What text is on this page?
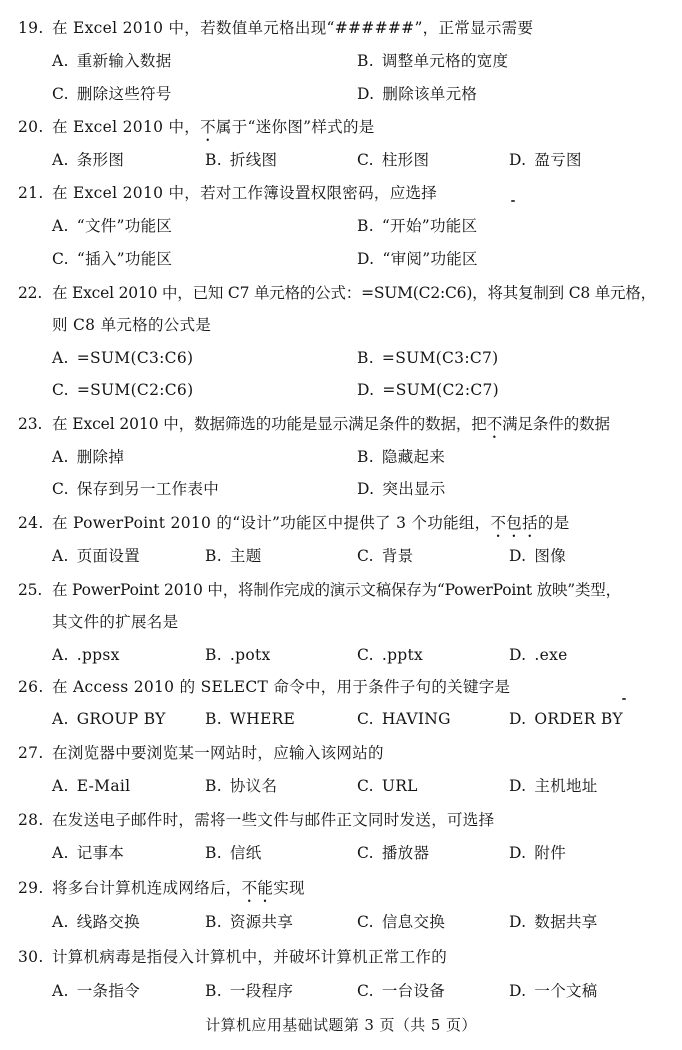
19. 在 Excel 2010 中，若数值单元格出现“######”，正常显示需要
A. 重新输入数据	B. 调整单元格的宽度
C. 删除这些符号	D. 删除该单元格
20. 在 Excel 2010 中，不属于“迷你图”样式的是
A. 条形图	B. 折线图	C. 柱形图	D. 盈亏图
21. 在 Excel 2010 中，若对工作簿设置权限密码，应选择
A. “文件”功能区	B. “开始”功能区
C. “插入”功能区	D. “审阅”功能区
22. 在 Excel 2010 中，已知 C7 单元格的公式：=SUM(C2:C6)，将其复制到 C8 单元格，
则 C8 单元格的公式是
A. =SUM(C3:C6)	B. =SUM(C3:C7)
C. =SUM(C2:C6)	D. =SUM(C2:C7)
23. 在 Excel 2010 中，数据筛选的功能是显示满足条件的数据，把不满足条件的数据
A. 删除掉	B. 隐藏起来
C. 保存到另一工作表中	D. 突出显示
24. 在 PowerPoint 2010 的“设计”功能区中提供了 3 个功能组，不包括的是
A. 页面设置	B. 主题	C. 背景	D. 图像
25. 在 PowerPoint 2010 中，将制作完成的演示文稿保存为“PowerPoint 放映”类型，
其文件的扩展名是
A. .ppsx	B. .potx	C. .pptx	D. .exe
26. 在 Access 2010 的 SELECT 命令中，用于条件子句的关键字是
A. GROUP BY	B. WHERE	C. HAVING	D. ORDER BY
27. 在浏览器中要浏览某一网站时，应输入该网站的
A. E-Mail	B. 协议名	C. URL	D. 主机地址
28. 在发送电子邮件时，需将一些文件与邮件正文同时发送，可选择
A. 记事本	B. 信纸	C. 播放器	D. 附件
29. 将多台计算机连成网络后，不能实现
A. 线路交换	B. 资源共享	C. 信息交换	D. 数据共享
30. 计算机病毒是指侵入计算机中，并破坏计算机正常工作的
A. 一条指令	B. 一段程序	C. 一台设备	D. 一个文稿
计算机应用基础试题第 3 页（共 5 页）
